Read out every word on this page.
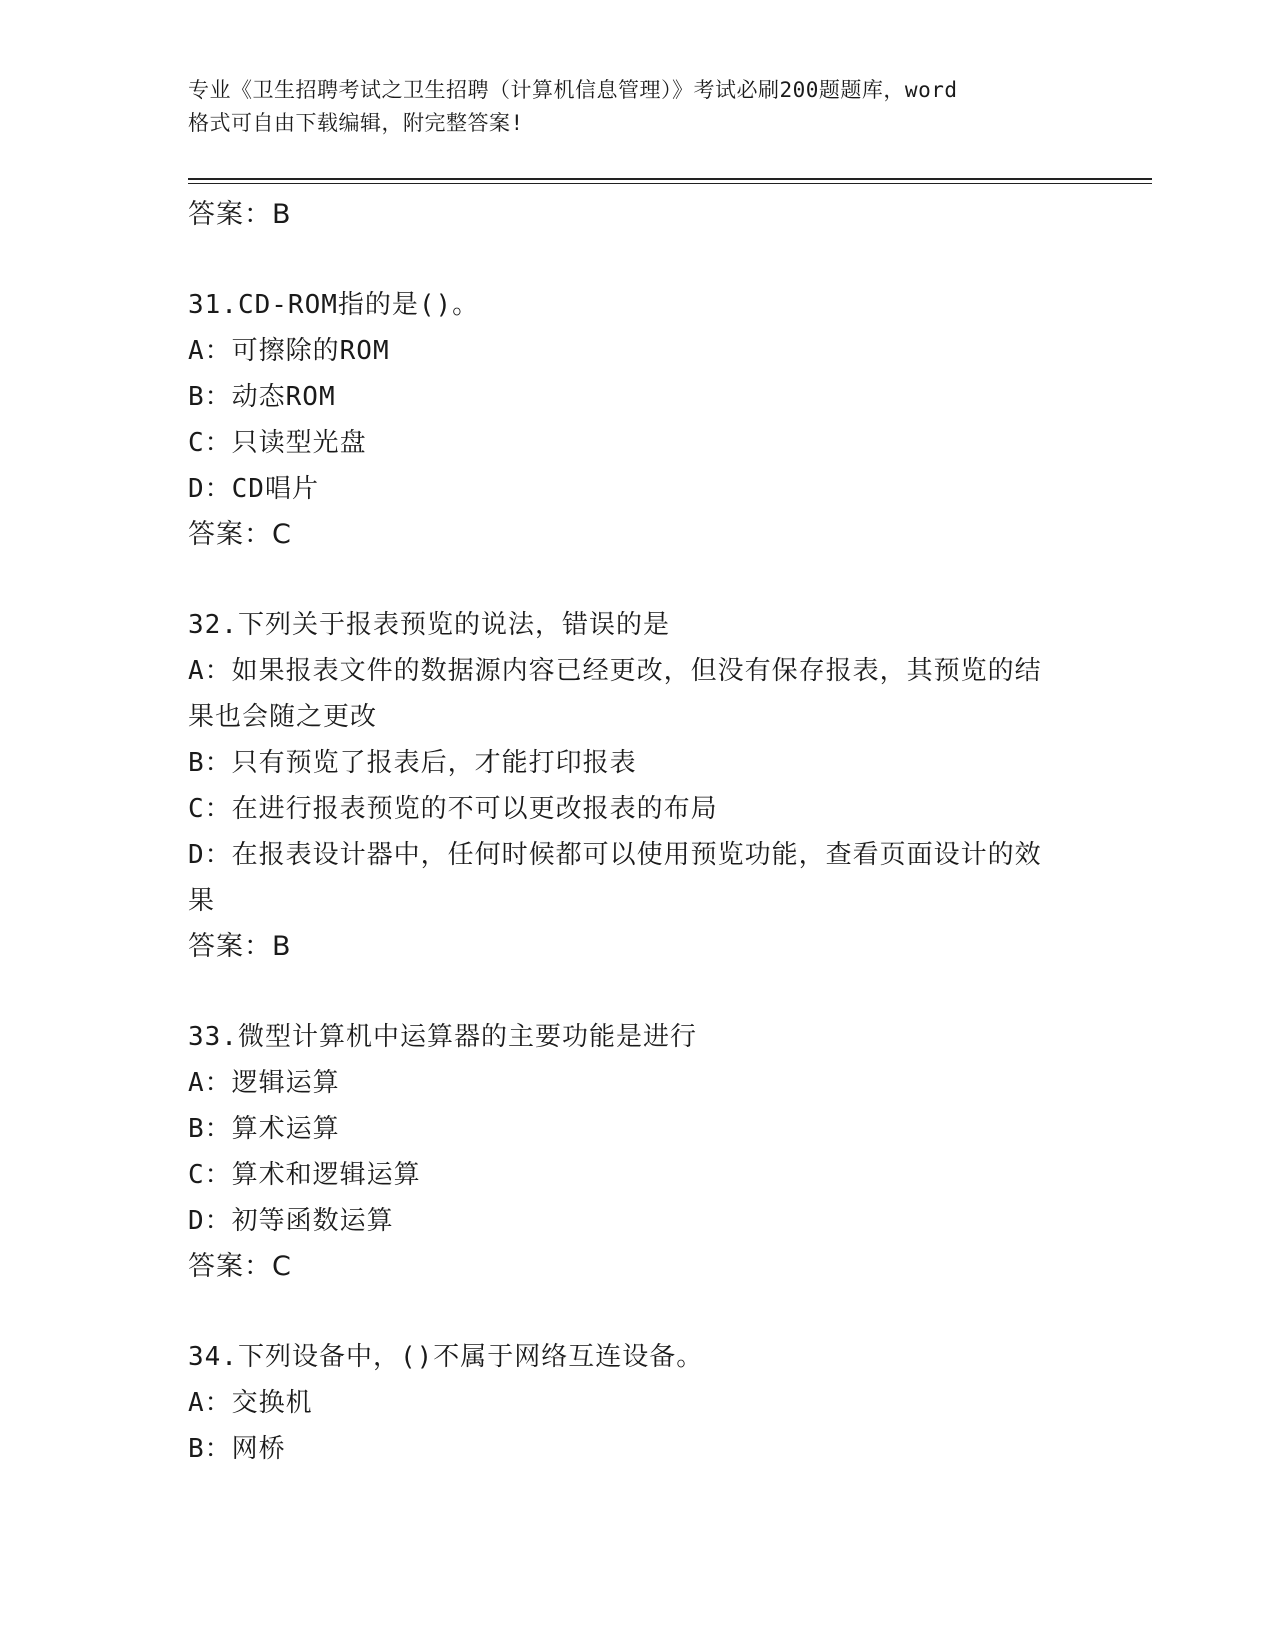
专业《卫生招聘考试之卫生招聘（计算机信息管理）》考试必刷200题题库，word
格式可自由下载编辑，附完整答案!
答案：B
31.CD-ROM指的是()。
A：可擦除的ROM
B：动态ROM
C：只读型光盘
D：CD唱片
答案：C
32.下列关于报表预览的说法，错误的是
A：如果报表文件的数据源内容已经更改，但没有保存报表，其预览的结果也会随之更改
B：只有预览了报表后，才能打印报表
C：在进行报表预览的不可以更改报表的布局
D：在报表设计器中，任何时候都可以使用预览功能，查看页面设计的效果
答案：B
33.微型计算机中运算器的主要功能是进行
A：逻辑运算
B：算术运算
C：算术和逻辑运算
D：初等函数运算
答案：C
34.下列设备中，()不属于网络互连设备。
A：交换机
B：网桥
